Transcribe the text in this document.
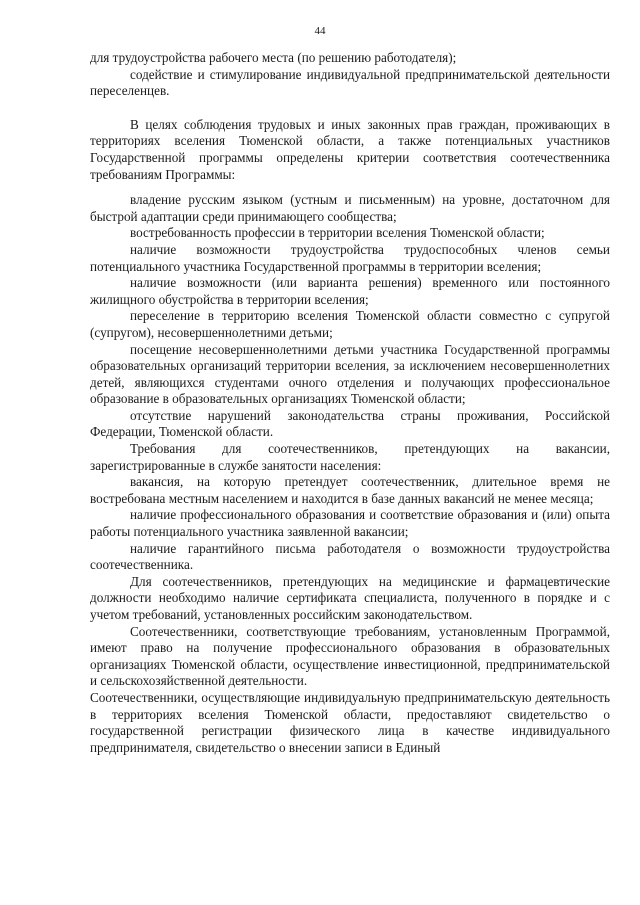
44

для трудоустройства рабочего места (по решению работодателя);

содействие и стимулирование индивидуальной предпринимательской деятельности переселенцев.

В целях соблюдения трудовых и иных законных прав граждан, проживающих в территориях вселения Тюменской области, а также потенциальных участников Государственной программы определены критерии соответствия соотечественника требованиям Программы:

владение русским языком (устным и письменным) на уровне, достаточном для быстрой адаптации среди принимающего сообщества;

востребованность профессии в территории вселения Тюменской области;

наличие возможности трудоустройства трудоспособных членов семьи потенциального участника Государственной программы в территории вселения;

наличие возможности (или варианта решения) временного или постоянного жилищного обустройства в территории вселения;

переселение в территорию вселения Тюменской области совместно с супругой (супругом), несовершеннолетними детьми;

посещение несовершеннолетними детьми участника Государственной программы образовательных организаций территории вселения, за исключением несовершеннолетних детей, являющихся студентами очного отделения и получающих профессиональное образование в образовательных организациях Тюменской области;

отсутствие нарушений законодательства страны проживания, Российской Федерации, Тюменской области.

Требования для соотечественников, претендующих на вакансии, зарегистрированные в службе занятости населения:

вакансия, на которую претендует соотечественник, длительное время не востребована местным населением и находится в базе данных вакансий не менее месяца;

наличие профессионального образования и соответствие образования и (или) опыта работы потенциального участника заявленной вакансии;

наличие гарантийного письма работодателя о возможности трудоустройства соотечественника.

Для соотечественников, претендующих на медицинские и фармацевтические должности необходимо наличие сертификата специалиста, полученного в порядке и с учетом требований, установленных российским законодательством.

Соотечественники, соответствующие требованиям, установленным Программой, имеют право на получение профессионального образования в образовательных организациях Тюменской области, осуществление инвестиционной, предпринимательской и сельскохозяйственной деятельности.

Соотечественники, осуществляющие индивидуальную предпринимательскую деятельность в территориях вселения Тюменской области, предоставляют свидетельство о государственной регистрации физического лица в качестве индивидуального предпринимателя, свидетельство о внесении записи в Единый
